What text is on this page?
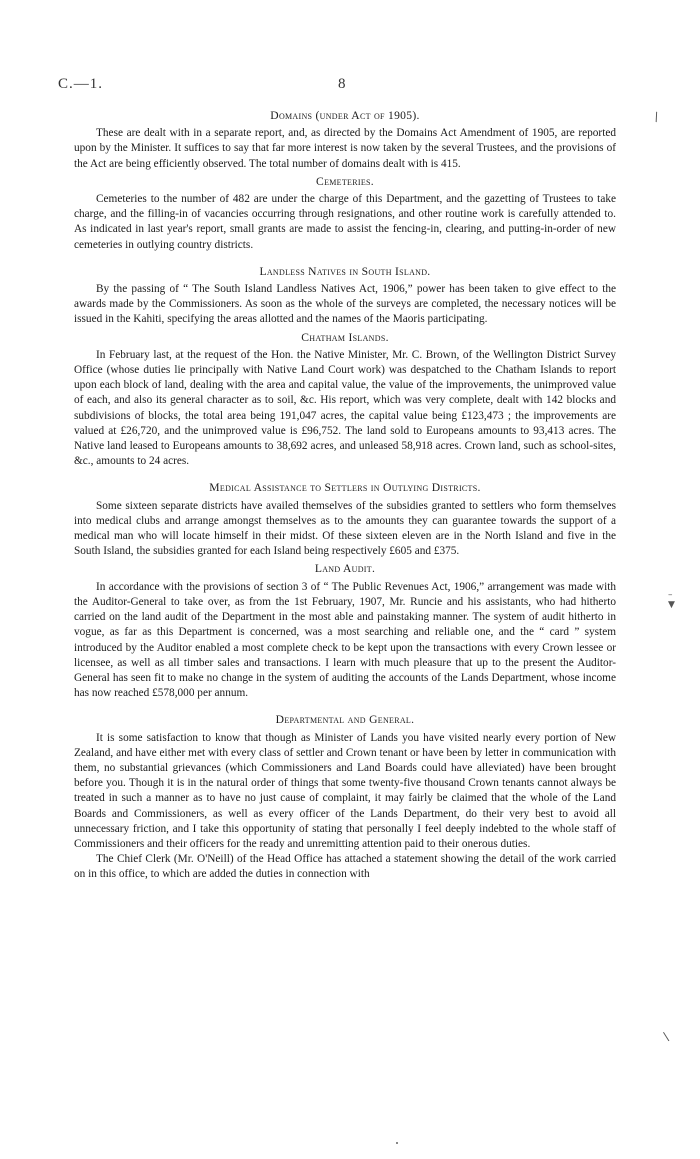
C.—1.	8
Domains (under Act of 1905).

These are dealt with in a separate report, and, as directed by the Domains Act Amendment of 1905, are reported upon by the Minister. It suffices to say that far more interest is now taken by the several Trustees, and the provisions of the Act are being efficiently observed. The total number of domains dealt with is 415.

Cemeteries.

Cemeteries to the number of 482 are under the charge of this Department, and the gazetting of Trustees to take charge, and the filling-in of vacancies occurring through resignations, and other routine work is carefully attended to. As indicated in last year's report, small grants are made to assist the fencing-in, clearing, and putting-in-order of new cemeteries in outlying country districts.

Landless Natives in South Island.

By the passing of “ The South Island Landless Natives Act, 1906,” power has been taken to give effect to the awards made by the Commissioners. As soon as the whole of the surveys are completed, the necessary notices will be issued in the Kahiti, specifying the areas allotted and the names of the Maoris participating.

Chatham Islands.

In February last, at the request of the Hon. the Native Minister, Mr. C. Brown, of the Wellington District Survey Office (whose duties lie principally with Native Land Court work) was despatched to the Chatham Islands to report upon each block of land, dealing with the area and capital value, the value of the improvements, the unimproved value of each, and also its general character as to soil, &c. His report, which was very complete, dealt with 142 blocks and subdivisions of blocks, the total area being 191,047 acres, the capital value being £123,473 ; the improvements are valued at £26,720, and the unimproved value is £96,752. The land sold to Europeans amounts to 93,413 acres. The Native land leased to Europeans amounts to 38,692 acres, and unleased 58,918 acres. Crown land, such as school-sites, &c., amounts to 24 acres.

Medical Assistance to Settlers in Outlying Districts.

Some sixteen separate districts have availed themselves of the subsidies granted to settlers who form themselves into medical clubs and arrange amongst themselves as to the amounts they can guarantee towards the support of a medical man who will locate himself in their midst. Of these sixteen eleven are in the North Island and five in the South Island, the subsidies granted for each Island being respectively £605 and £375.

Land Audit.

In accordance with the provisions of section 3 of “ The Public Revenues Act, 1906,” arrangement was made with the Auditor-General to take over, as from the 1st February, 1907, Mr. Runcie and his assistants, who had hitherto carried on the land audit of the Department in the most able and painstaking manner. The system of audit hitherto in vogue, as far as this Department is concerned, was a most searching and reliable one, and the “ card ” system introduced by the Auditor enabled a most complete check to be kept upon the transactions with every Crown lessee or licensee, as well as all timber sales and transactions. I learn with much pleasure that up to the present the Auditor-General has seen fit to make no change in the system of auditing the accounts of the Lands Department, whose income has now reached £578,000 per annum.

Departmental and General.

It is some satisfaction to know that though as Minister of Lands you have visited nearly every portion of New Zealand, and have either met with every class of settler and Crown tenant or have been by letter in communication with them, no substantial grievances (which Commissioners and Land Boards could have alleviated) have been brought before you. Though it is in the natural order of things that some twenty-five thousand Crown tenants cannot always be treated in such a manner as to have no just cause of complaint, it may fairly be claimed that the whole of the Land Boards and Commissioners, as well as every officer of the Lands Department, do their very best to avoid all unnecessary friction, and I take this opportunity of stating that personally I feel deeply indebted to the whole staff of Commissioners and their officers for the ready and unremitting attention paid to their onerous duties.

The Chief Clerk (Mr. O'Neill) of the Head Office has attached a statement showing the detail of the work carried on in this office, to which are added the duties in connection with

∖
–
▼
∖
